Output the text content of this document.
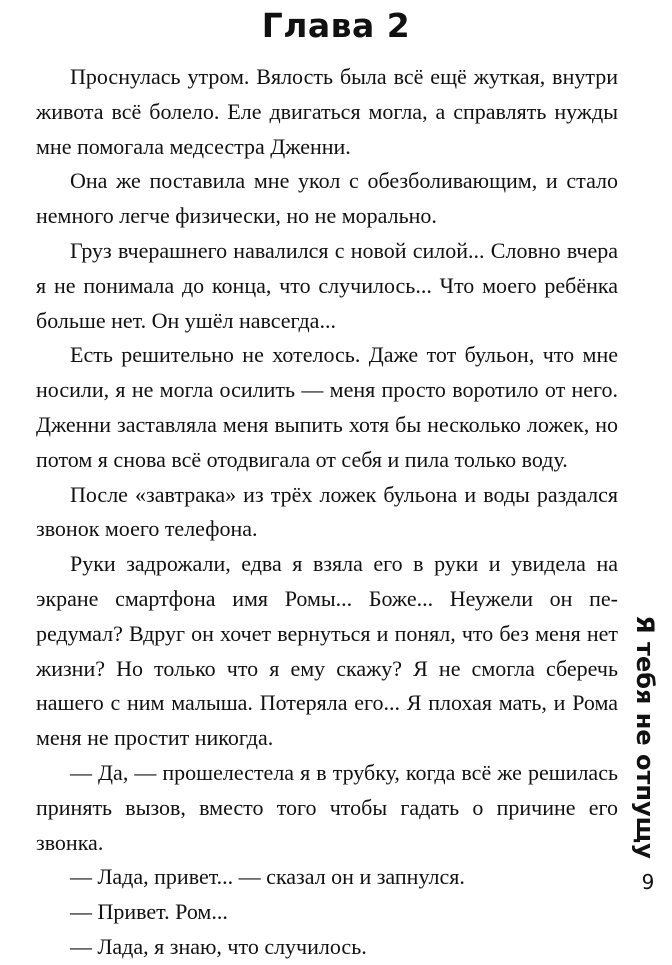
Глава 2

Проснулась утром. Вялость была всё ещё жуткая, внутри живота всё болело. Еле двигаться могла, а справлять нужды мне помогала медсестра Дженни.

Она же поставила мне укол с обезболивающим, и стало немного легче физически, но не морально.

Груз вчерашнего навалился с новой силой... Словно вчера я не понимала до конца, что случилось... Что моего ребёнка больше нет. Он ушёл навсегда...

Есть решительно не хотелось. Даже тот бульон, что мне носили, я не могла осилить — меня просто воротило от него. Дженни заставляла меня выпить хотя бы несколько ложек, но потом я снова всё отодвигала от себя и пила только воду.

После «завтрака» из трёх ложек бульона и воды раздался звонок моего телефона.

Руки задрожали, едва я взяла его в руки и увидела на экране смартфона имя Ромы... Боже... Неужели он передумал? Вдруг он хочет вернуться и понял, что без меня нет жизни? Но только что я ему скажу? Я не смогла сберечь нашего с ним малыша. Потеряла его... Я плохая мать, и Рома меня не простит никогда.

— Да, — прошелестела я в трубку, когда всё же решилась принять вызов, вместо того чтобы гадать о причине его звонка.

— Лада, привет... — сказал он и запнулся.

— Привет. Ром...

— Лада, я знаю, что случилось.

Я тебя не отпущу
9
